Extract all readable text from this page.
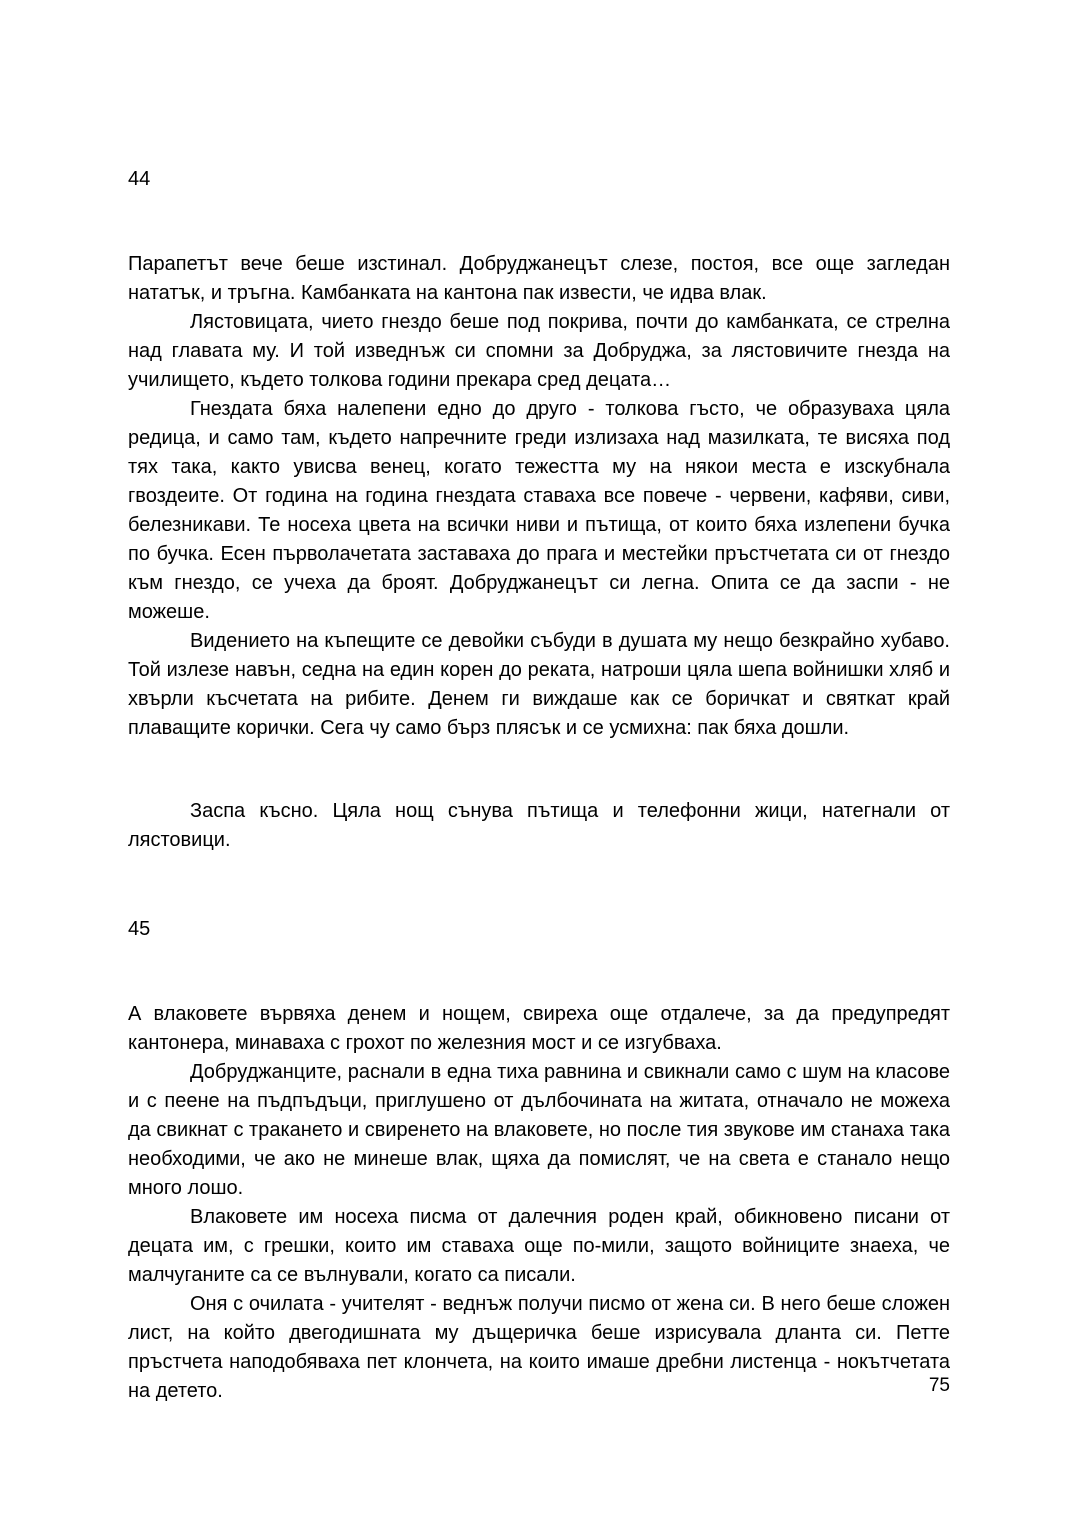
44

Парапетът вече беше изстинал. Добруджанецът слезе, постоя, все още загледан нататък, и тръгна. Камбанката на кантона пак извести, че идва влак.

Лястовицата, чието гнездо беше под покрива, почти до камбанката, се стрелна над главата му. И той изведнъж си спомни за Добруджа, за лястовичите гнезда на училището, където толкова години прекара сред децата…

Гнездата бяха налепени едно до друго - толкова гъсто, че образуваха цяла редица, и само там, където напречните греди излизаха над мазилката, те висяха под тях така, както увисва венец, когато тежестта му на някои места е изскубнала гвоздеите. От година на година гнездата ставаха все повече - червени, кафяви, сиви, белезникави. Те носеха цвета на всички ниви и пътища, от които бяха излепени бучка по бучка. Есен първолачетата заставаха до прага и местейки пръстчетата си от гнездо към гнездо, се учеха да броят. Добруджанецът си легна. Опита се да заспи - не можеше.

Видението на къпещите се девойки събуди в душата му нещо безкрайно хубаво. Той излезе навън, седна на един корен до реката, натроши цяла шепа войнишки хляб и хвърли късчетата на рибите. Денем ги виждаше как се боричкат и святкат край плаващите корички. Сега чу само бърз плясък и се усмихна: пак бяха дошли.

Заспа късно. Цяла нощ сънува пътища и телефонни жици, натегнали от лястовици.

45

А влаковете вървяха денем и нощем, свиреха още отдалече, за да предупредят кантонера, минаваха с грохот по железния мост и се изгубваха.

Добруджанците, раснали в една тиха равнина и свикнали само с шум на класове и с пеене на пъдпъдъци, приглушено от дълбочината на житата, отначало не можеха да свикнат с тракането и свиренето на влаковете, но после тия звукове им станаха така необходими, че ако не минеше влак, щяха да помислят, че на света е станало нещо много лошо.

Влаковете им носеха писма от далечния роден край, обикновено писани от децата им, с грешки, които им ставаха още по-мили, защото войниците знаеха, че малчуганите са се вълнували, когато са писали.

Оня с очилата - учителят - веднъж получи писмо от жена си. В него беше сложен лист, на който двегодишната му дъщеричка беше изрисувала дланта си. Петте пръстчета наподобяваха пет клончета, на които имаше дребни листенца - нокътчетата на детето.	75
